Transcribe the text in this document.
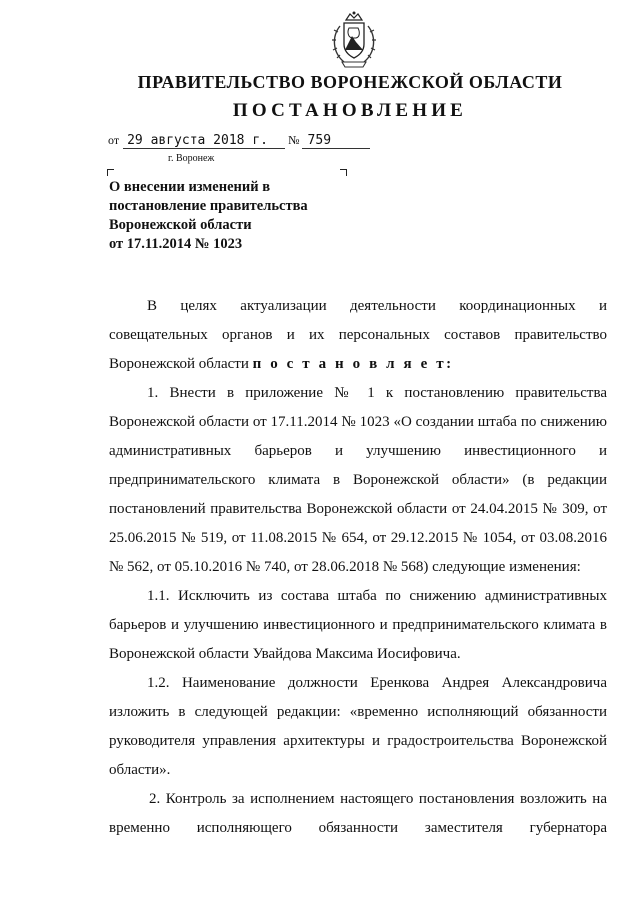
ПРАВИТЕЛЬСТВО ВОРОНЕЖСКОЙ ОБЛАСТИ
ПОСТАНОВЛЕНИЕ
от 29 августа 2018 г. № 759
г. Воронеж
О внесении изменений в
постановление правительства
Воронежской области
от 17.11.2014 № 1023

В целях актуализации деятельности координационных и совещательных органов и их персональных составов правительство Воронежской области п о с т а н о в л я е т:

1. Внести в приложение № 1 к постановлению правительства Воронежской области от 17.11.2014 № 1023 «О создании штаба по снижению административных барьеров и улучшению инвестиционного и предпринимательского климата в Воронежской области» (в редакции постановлений правительства Воронежской области от 24.04.2015 № 309, от 25.06.2015 № 519, от 11.08.2015 № 654, от 29.12.2015 № 1054, от 03.08.2016 № 562, от 05.10.2016 № 740, от 28.06.2018 № 568) следующие изменения:

1.1. Исключить из состава штаба по снижению административных барьеров и улучшению инвестиционного и предпринимательского климата в Воронежской области Увайдова Максима Иосифовича.

1.2. Наименование должности Еренкова Андрея Александровича изложить в следующей редакции: «временно исполняющий обязанности руководителя управления архитектуры и градостроительства Воронежской области».

2. Контроль за исполнением настоящего постановления возложить на временно исполняющего обязанности заместителя губернатора
